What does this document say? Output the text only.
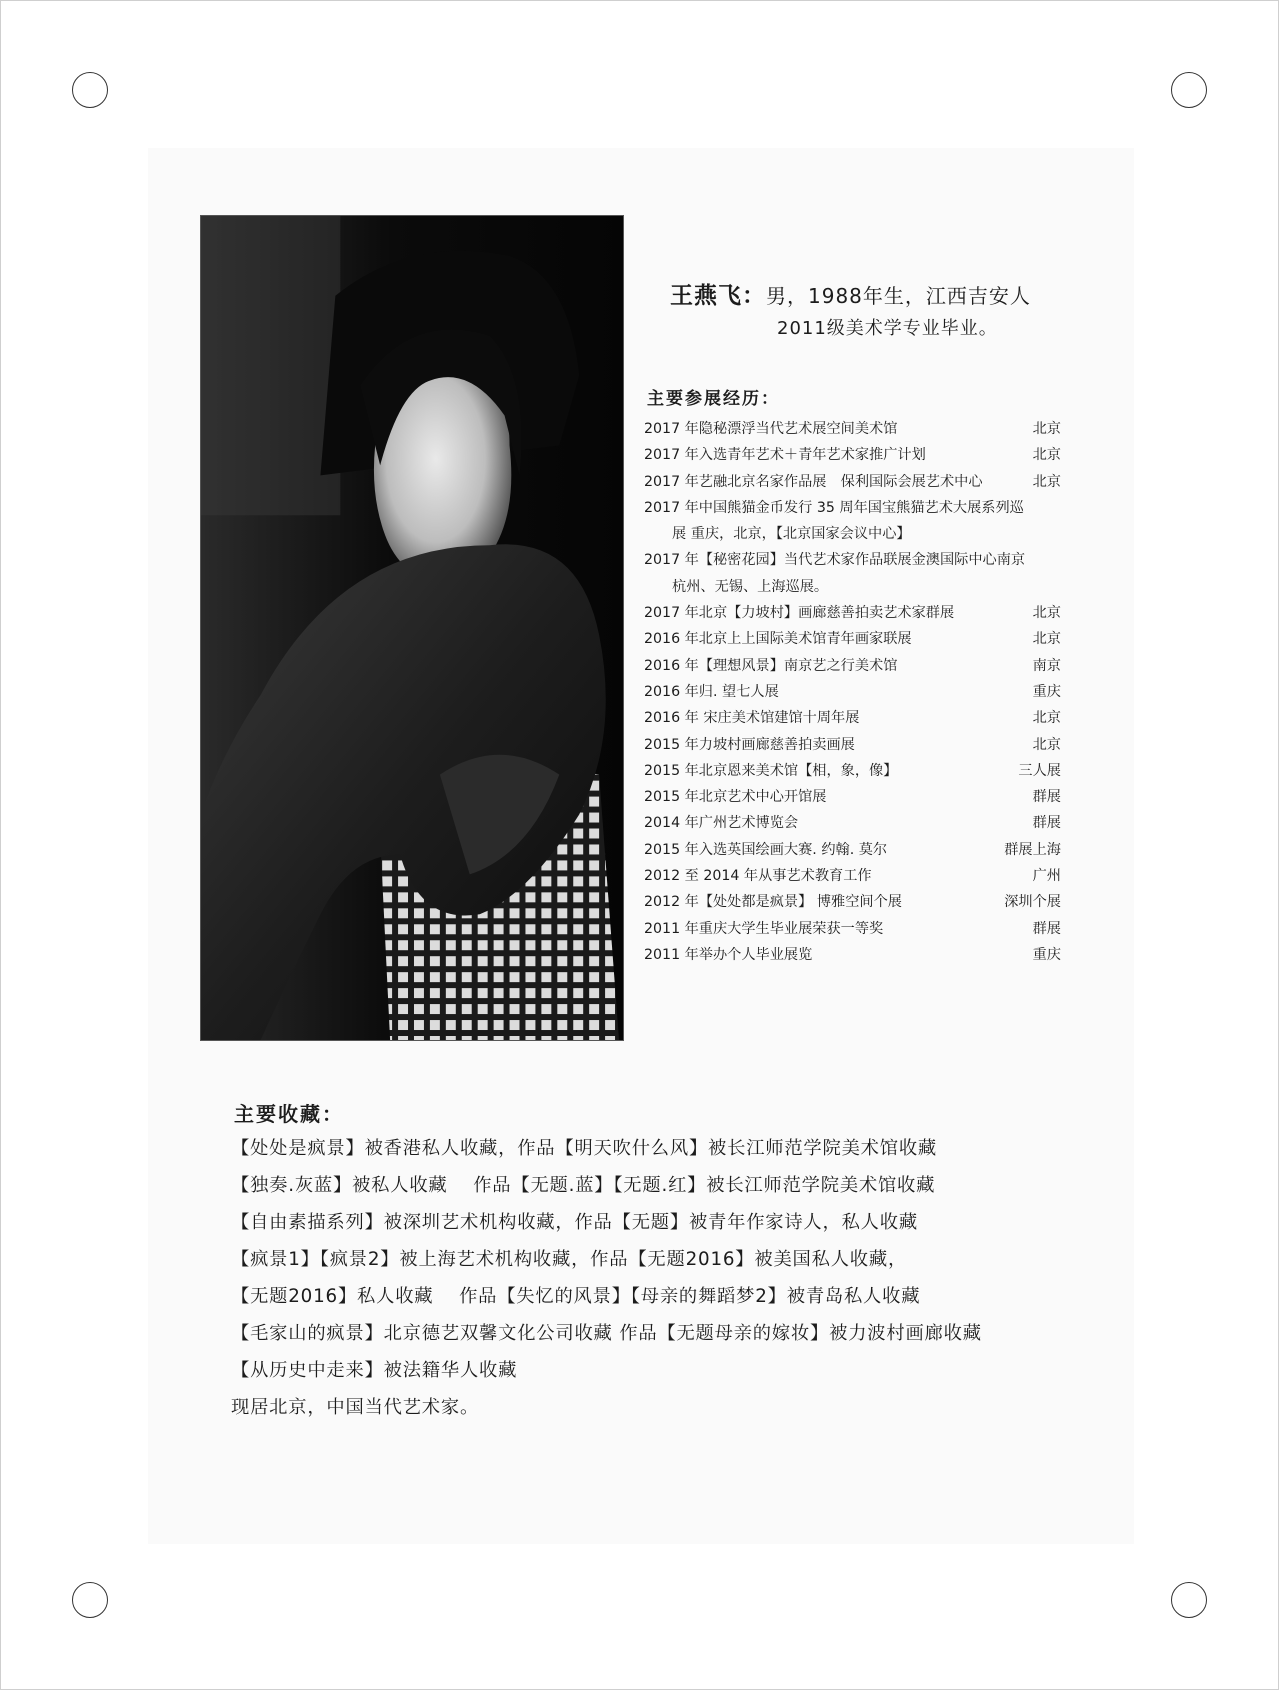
王燕飞：男，1988年生，江西吉安人
2011级美术学专业毕业。
主要参展经历：
2017 年隐秘漂浮当代艺术展空间美术馆	北京
2017 年入选青年艺术＋青年艺术家推广计划	北京
2017 年艺融北京名家作品展　保利国际会展艺术中心	北京
2017 年中国熊猫金币发行 35 周年国宝熊猫艺术大展系列巡
展 重庆，北京，【北京国家会议中心】
2017 年【秘密花园】当代艺术家作品联展金澳国际中心南京
杭州、无锡、上海巡展。
2017 年北京【力坡村】画廊慈善拍卖艺术家群展	北京
2016 年北京上上国际美术馆青年画家联展	北京
2016 年【理想风景】南京艺之行美术馆	南京
2016 年归. 望七人展	重庆
2016 年 宋庄美术馆建馆十周年展	北京
2015 年力坡村画廊慈善拍卖画展	北京
2015 年北京恩来美术馆【相，象，像】	三人展
2015 年北京艺术中心开馆展	群展
2014 年广州艺术博览会	群展
2015 年入选英国绘画大赛. 约翰. 莫尔	群展上海
2012 至 2014 年从事艺术教育工作	广州
2012 年【处处都是疯景】 博雅空间个展	深圳个展
2011 年重庆大学生毕业展荣获一等奖	群展
2011 年举办个人毕业展览	重庆
主要收藏：
【处处是疯景】被香港私人收藏，作品【明天吹什么风】被长江师范学院美术馆收藏
【独奏.灰蓝】被私人收藏　 作品【无题.蓝】【无题.红】被长江师范学院美术馆收藏
【自由素描系列】被深圳艺术机构收藏，作品【无题】被青年作家诗人，私人收藏
【疯景1】【疯景2】被上海艺术机构收藏，作品【无题2016】被美国私人收藏，
【无题2016】私人收藏　 作品【失忆的风景】【母亲的舞蹈梦2】被青岛私人收藏
【毛家山的疯景】北京德艺双馨文化公司收藏 作品【无题母亲的嫁妆】被力波村画廊收藏
【从历史中走来】被法籍华人收藏
现居北京，中国当代艺术家。
